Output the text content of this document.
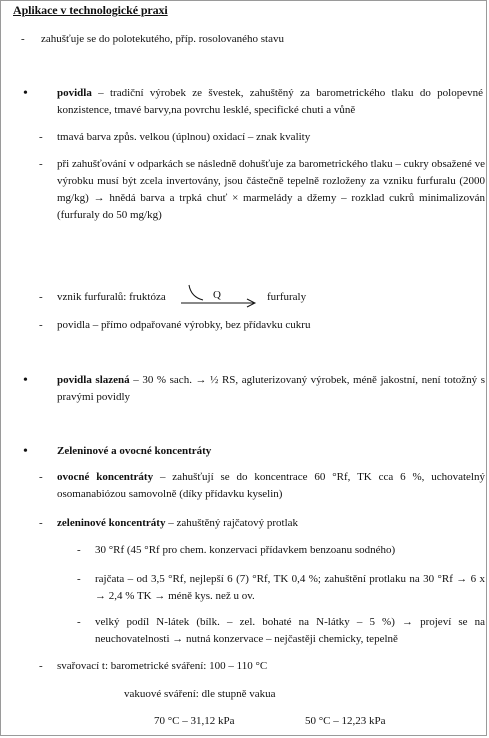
Aplikace v technologické praxi
- zahušťuje se do polotekutého, příp. rosolovaného stavu
•	povidla – tradiční výrobek ze švestek, zahuštěný za barometrického tlaku do polopevné konzistence, tmavé barvy,na povrchu lesklé, specifické chuti a vůně
- tmavá barva způs. velkou (úplnou) oxidací – znak kvality
- při zahušťování v odparkách se následně dohušťuje za barometrického tlaku – cukry obsažené ve výrobku musí být zcela invertovány, jsou částečně tepelně rozloženy za vzniku furfuralu (2000 mg/kg) → hnědá barva a trpká chuť × marmelády a džemy – rozklad cukrů minimalizován (furfuraly do 50 mg/kg)
- vznik furfuralů: fruktóza	furfuraly
Q
- povidla – přímo odpařované výrobky, bez přídavku cukru
•	povidla slazená – 30 % sach. → ½ RS, aglutеrizovaný výrobek, méně jakostní, není totožný s pravými povidly
•	Zeleninové a ovocné koncentráty
- ovocné koncentráty – zahušťují se do koncentrace 60 °Rf, TK cca 6 %, uchovatelný osomanabiózou samovolně (díky přídavku kyselin)
- zeleninové koncentráty – zahuštěný rajčatový protlak
- 30 °Rf (45 °Rf pro chem. konzervaci přídavkem benzoanu sodného)
- rajčata – od 3,5 °Rf, nejlepší 6 (7) °Rf, TK 0,4 %; zahuštění protlaku na 30 °Rf → 6 x → 2,4 % TK → méně kys. než u ov.
- velký podíl N-látek (bílk. – zel. bohaté na N-látky – 5 %) → projeví se na neuchovatelnosti → nutná konzervace – nejčastěji chemicky, tepelně
- svařovací t: barometrické sváření: 100 – 110 °C
vakuové sváření: dle stupně vakua
70 °C – 31,12 kPa	50 °C – 12,23 kPa
